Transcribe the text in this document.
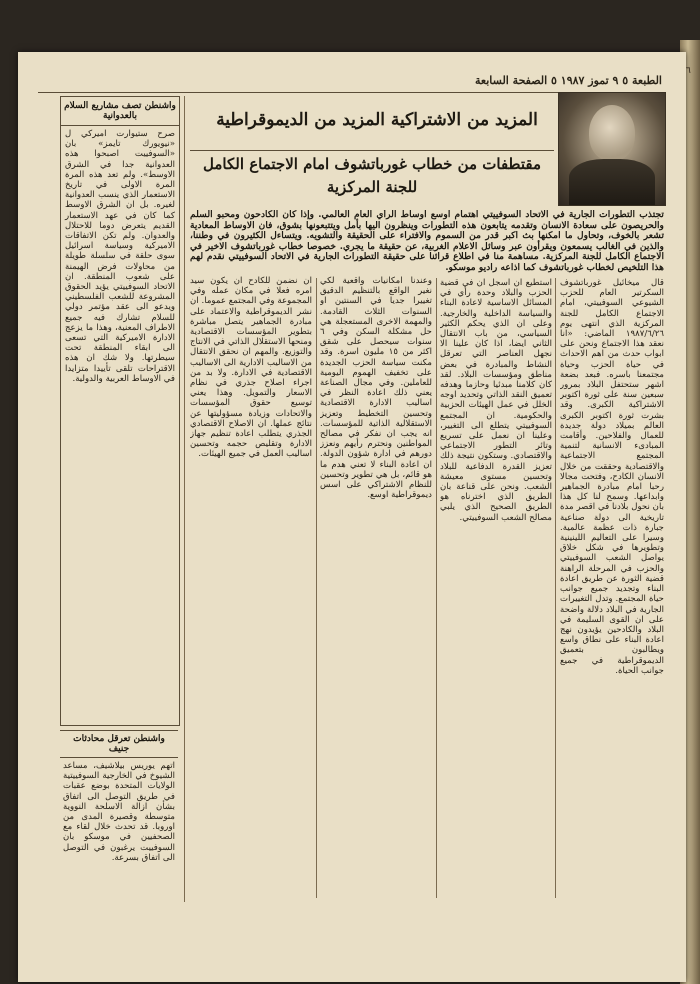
٦
الطبعة ٥ ٩ تموز ١٩٨٧ ٥ الصفحة السابعة
المزيد من الاشتراكية المزيد من الديموقراطية
مقتطفات من خطاب غورباتشوف امام الاجتماع الكامل
للجنة المركزية
تجتذب التطورات الجارية في الاتحاد السوفييتي اهتمام اوسع اوساط الرأي العام العالمي. وإذا كان الكادحون ومحبو السلم والحريصون على سعادة الانسان وتقدمه يتابعون هذه التطورات وينظرون اليها بأمل ويتتبعونها بشوق، فان الاوساط المعادية تشعر بالخوف، وتحاول ما امكنها بث اكبر قدر من السموم والافتراء على الحقيقة والتشويه. ويتساءل الكثيرون في وطننا، والذين في الغالب يسمعون ويقرأون عبر وسائل الاعلام الغربية، عن حقيقة ما يجري. خصوصا خطاب غورباتشوف الاخير في الاجتماع الكامل للجنة المركزية. مساهمة منا في اطلاع قرائنا على حقيقة التطورات الجارية في الاتحاد السوفييتي نقدم لهم هذا التلخيص لخطاب غورباتشوف كما اذاعه راديو موسكو.
قال ميخائيل غورباتشوف السكرتير العام للحزب الشيوعي السوفييتي، امام الاجتماع الكامل للجنة المركزية الذي انتهى يوم ١٩٨٧/٦/٢٦ الماضي: «انا نعقد هذا الاجتماع ونحن على ابواب حدث من اهم الاحداث في حياة الحزب وحياة مجتمعنا باسره. فبعد بضعة اشهر ستحتفل البلاد بمرور سبعين سنة على ثورة اكتوبر الاشتراكية الكبرى. وقد بشرت ثورة اكتوبر الكبرى العالم بميلاد دولة جديدة للعمال والفلاحين. وأقامت المبادىء الانسانية لتنمية المجتمع الاجتماعية والاقتصادية وحققت من خلال الانسان الكادح، وفتحت مجالا رحبا امام مبادرة الجماهير وابداعها. وسمح لنا كل هذا بان نحول بلادنا في اقصر مدة تاريخية الى دولة صناعية جبارة ذات عظمة عالمية. وسيرا على التعاليم اللينينية وتطويرها في شكل خلاق يواصل الشعب السوفييتي والحزب في المرحلة الراهنة قضية الثورة عن طريق اعادة البناء وتجديد جميع جوانب حياة المجتمع. وتدل التغييرات الجارية في البلاد دلالة واضحة على ان القوى السليمة في البلاد والكادحين يؤيدون نهج اعادة البناء على نطاق واسع ويطالبون بتعميق الديموقراطية في جميع جوانب الحياة.
استطيع ان اسجل ان في قضية الحزب والبلاد وحدة رأي في المسائل الاساسية لاعادة البناء والسياسة الداخلية والخارجية. وعلى ان الذي يحكم الكثير السياسي، من باب الانتقال الثاني ايضا، اذا كان علينا الا نجهل العناصر التي تعرقل النشاط والمبادرة في بعض مناطق ومؤسسات البلاد. لقد كان كلامنا مبدئيا وحازما وهدفه تعميق النقد الذاتي وتحديد اوجه الخلل في عمل الهيئات الحزبية والحكومية. ان المجتمع السوفييتي يتطلع الى التغيير، وعلينا ان نعمل على تسريع وتائر التطور الاجتماعي والاقتصادي. وستكون نتيجة ذلك تعزيز القدرة الدفاعية للبلاد وتحسين مستوى معيشة الشعب. ونحن على قناعة بان الطريق الذي اخترناه هو الطريق الصحيح الذي يلبي مصالح الشعب السوفييتي.
وعندنا امكانيات واقعية لكي نغير الواقع بالتنظيم الدقيق تغييرا جديا في السنتين او السنوات الثلاث القادمة. والمهمة الاخرى المستعجلة هي حل مشكلة السكن وفي ٦ سنوات سيحصل على شقق اكثر من ١٥ مليون اسرة. وقد مكنت سياسة الحزب الجديدة على تخفيف الهموم اليومية للعاملين. وفي مجال الصناعة يعني ذلك اعادة النظر في اساليب الادارة الاقتصادية وتحسين التخطيط وتعزيز الاستقلالية الذاتية للمؤسسات. انه يجب ان نفكر في مصالح المواطنين ونحترم رأيهم ونعزز دورهم في ادارة شؤون الدولة. ان اعادة البناء لا تعني هدم ما هو قائم، بل هي تطوير وتحسين للنظام الاشتراكي على اسس ديموقراطية اوسع.
ان نضمن للكادح ان يكون سيد امره فعلا في مكان عمله وفي المجموعة وفي المجتمع عموما. ان نشر الديموقراطية والاعتماد على مبادرة الجماهير يتصل مباشرة بتطوير المؤسسات الاقتصادية ومنحها الاستقلال الذاتي في الانتاج والتوزيع. والمهم ان نحقق الانتقال من الاساليب الادارية الى الاساليب الاقتصادية في الادارة. ولا بد من اجراء اصلاح جذري في نظام الاسعار والتمويل. وهذا يعني توسيع حقوق المؤسسات والاتحادات وزيادة مسؤوليتها عن نتائج عملها. ان الاصلاح الاقتصادي الجذري يتطلب اعادة تنظيم جهاز الادارة وتقليص حجمه وتحسين اساليب العمل في جميع الهيئات.
واشنطن تصف مشاريع السلام بالعدوانية
صرح ستيوارت اميركي ل «نيويورك تايمز» بان «السوفييت اصبحوا هذه العدوانية جدا في الشرق الاوسط». ولم تعد هذه المرة المرة الاولى في تاريخ الاستعمار الذي ينسب العدوانية لغيره. بل ان الشرق الاوسط كما كان في عهد الاستعمار القديم يتعرض دوما للاحتلال والعدوان. ولم تكن الاتفاقات الاميركية وسياسة اسرائيل سوى حلقة في سلسلة طويلة من محاولات فرض الهيمنة على شعوب المنطقة. ان الاتحاد السوفييتي يؤيد الحقوق المشروعة للشعب الفلسطيني ويدعو الى عقد مؤتمر دولي للسلام تشارك فيه جميع الاطراف المعنية، وهذا ما يزعج الادارة الاميركية التي تسعى الى ابقاء المنطقة تحت سيطرتها. ولا شك ان هذه الاقتراحات تلقى تأييدا متزايدا في الاوساط العربية والدولية.
واشنطن تعرقل محادثات جنيف
اتهم يوريس بيلاشيف، مساعد الشيوخ في الخارجية السوفييتية الولايات المتحدة بوضع عقبات في طريق التوصل الى اتفاق بشأن ازالة الاسلحة النووية متوسطة وقصيرة المدى من اوروبا. قد تحدث خلال لقاء مع الصحفيين في موسكو بان السوفييت يرغبون في التوصل الى اتفاق بسرعة.
